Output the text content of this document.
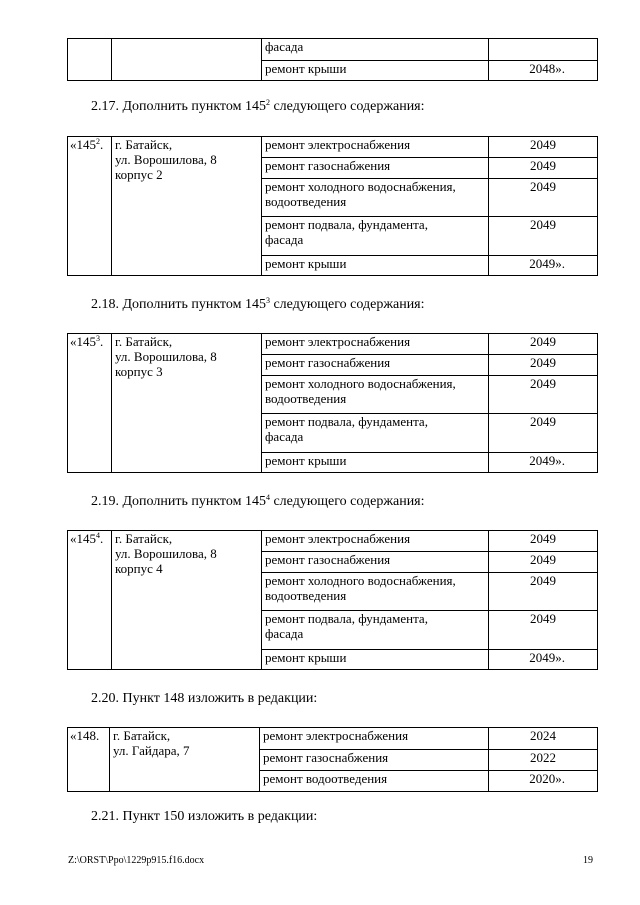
		фасада	
		ремонт крыши	2048».
2.17. Дополнить пунктом $145^2$ следующего содержания:
«$145^2$.	г. Батайск,
ул. Ворошилова, 8
корпус 2	ремонт электроснабжения	2049

		ремонт газоснабжения	2049

		ремонт холодного водоснабжения,
водоотведения	2049

		ремонт подвала, фундамента,
фасада	2049

		ремонт крыши	2049».
2.18. Дополнить пунктом $145^3$ следующего содержания:
«$145^3$.	г. Батайск,
ул. Ворошилова, 8
корпус 3	ремонт электроснабжения	2049

		ремонт газоснабжения	2049

		ремонт холодного водоснабжения,
водоотведения	2049

		ремонт подвала, фундамента,
фасада	2049

		ремонт крыши	2049».
2.19. Дополнить пунктом $145^4$ следующего содержания:
«$145^4$.	г. Батайск,
ул. Ворошилова, 8
корпус 4	ремонт электроснабжения	2049

		ремонт газоснабжения	2049

		ремонт холодного водоснабжения,
водоотведения	2049

		ремонт подвала, фундамента,
фасада	2049

		ремонт крыши	2049».
2.20. Пункт 148 изложить в редакции:
«148.	г. Батайск,
ул. Гайдара, 7	ремонт электроснабжения	2024

		ремонт газоснабжения	2022

		ремонт водоотведения	2020».
2.21. Пункт 150 изложить в редакции:
Z:\ORST\Ppo\1229p915.f16.docx	19
